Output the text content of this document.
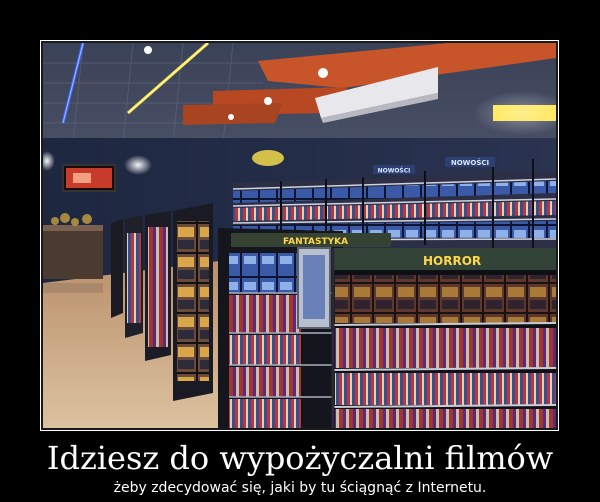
NOWOŚCI
NOWOŚCI
FANTASTYKA
HORROR
Idziesz do wypożyczalni filmów
żeby zdecydować się, jaki by tu ściągnąć z Internetu.
